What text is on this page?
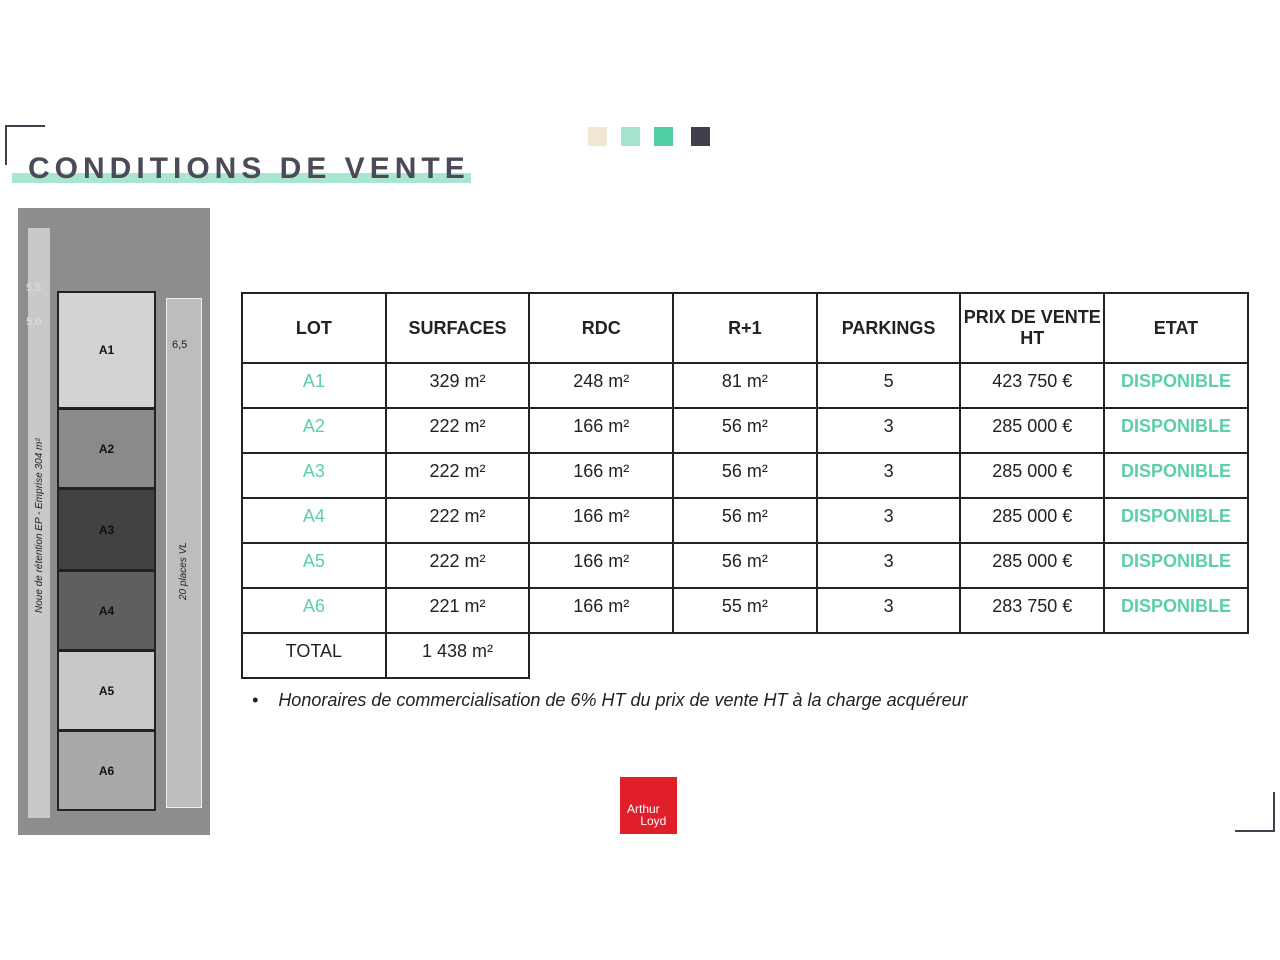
CONDITIONS DE VENTE
Noue de rétention EP - Emprise 304 m²
5,5
5,0
6,5
20 places VL
A1
A2
A3
A4
A5
A6
LOT	SURFACES	RDC	R+1	PARKINGS	PRIX DE VENTE HT	ETAT
A1	329 m²	248 m²	81 m²	5	423 750 €	DISPONIBLE
A2	222 m²	166 m²	56 m²	3	285 000 €	DISPONIBLE
A3	222 m²	166 m²	56 m²	3	285 000 €	DISPONIBLE
A4	222 m²	166 m²	56 m²	3	285 000 €	DISPONIBLE
A5	222 m²	166 m²	56 m²	3	285 000 €	DISPONIBLE
A6	221 m²	166 m²	55 m²	3	283 750 €	DISPONIBLE
TOTAL	1 438 m²					
•    Honoraires de commercialisation de 6% HT du prix de vente HT à la charge acquéreur
Arthur
Loyd
